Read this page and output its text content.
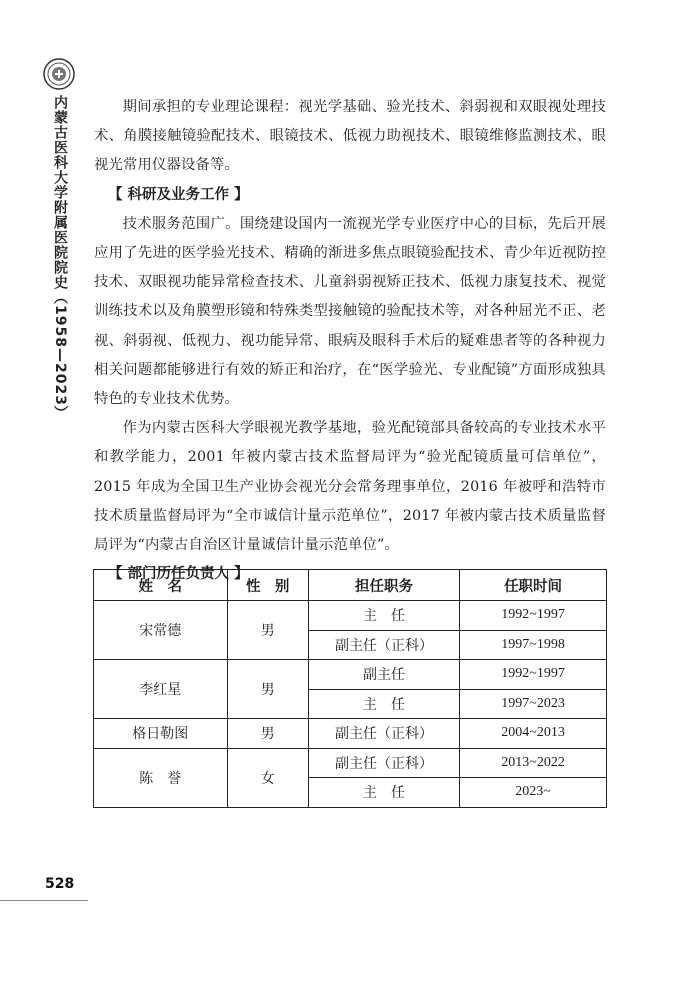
内蒙古医科大学附属医院院史（1958—2023）	期间承担的专业理论课程：视光学基础、验光技术、斜弱视和双眼视处理技术、角膜接触镜验配技术、眼镜技术、低视力助视技术、眼镜维修监测技术、眼视光常用仪器设备等。

【 科研及业务工作 】

技术服务范围广。围绕建设国内一流视光学专业医疗中心的目标，先后开展应用了先进的医学验光技术、精确的渐进多焦点眼镜验配技术、青少年近视防控技术、双眼视功能异常检查技术、儿童斜弱视矫正技术、低视力康复技术、视觉训练技术以及角膜塑形镜和特殊类型接触镜的验配技术等，对各种屈光不正、老视、斜弱视、低视力、视功能异常、眼病及眼科手术后的疑难患者等的各种视力相关问题都能够进行有效的矫正和治疗，在“医学验光、专业配镜”方面形成独具特色的专业技术优势。

作为内蒙古医科大学眼视光教学基地，验光配镜部具备较高的专业技术水平和教学能力，2001 年被内蒙古技术监督局评为“验光配镜质量可信单位”，2015 年成为全国卫生产业协会视光分会常务理事单位，2016 年被呼和浩特市技术质量监督局评为“全市诚信计量示范单位”，2017 年被内蒙古技术质量监督局评为“内蒙古自治区计量诚信计量示范单位”。

【 部门历任负责人 】

姓　名	性　别	担任职务	任职时间
宋常德	男	主　任	1992~1997
		副主任（正科）	1997~1998
李红星	男	副主任	1992~1997
		主　任	1997~2023
格日勒图	男	副主任（正科）	2004~2013
陈　誉	女	副主任（正科）	2013~2022
		主　任	2023~
528
